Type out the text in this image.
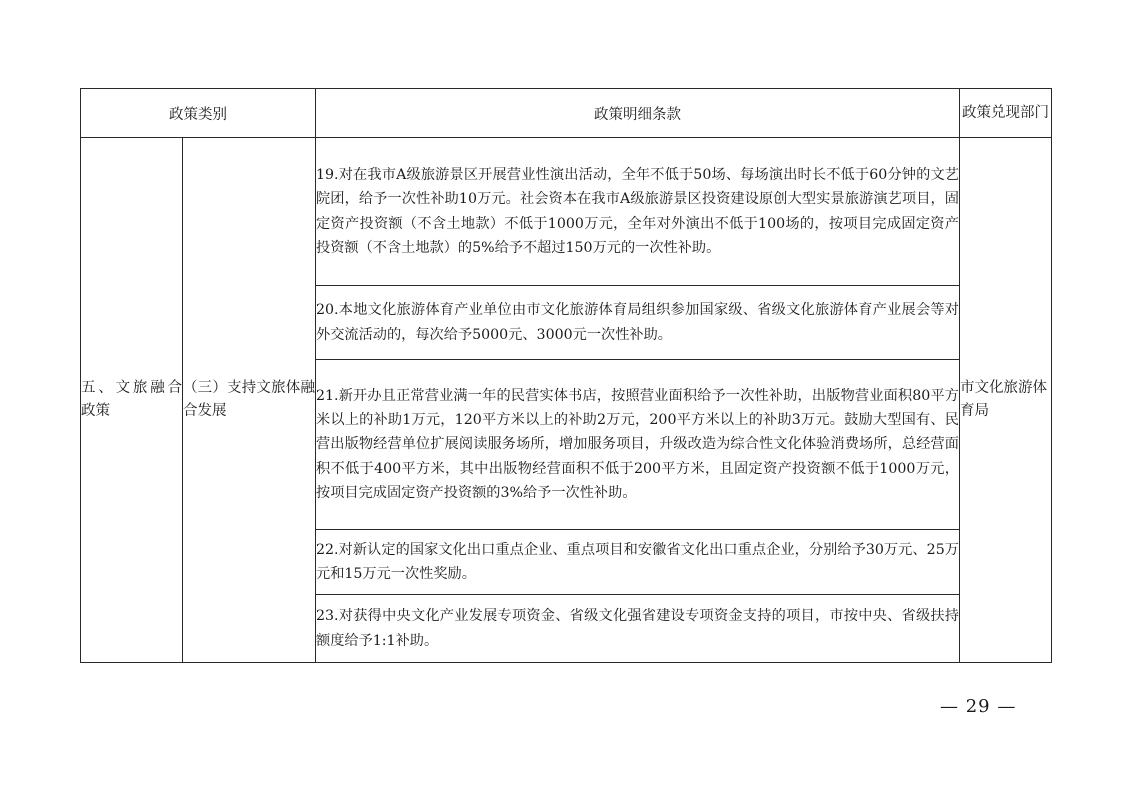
政策类别		政策明细条款	政策兑现部门
五、文旅融合政策	（三）支持文旅体融合发展	19.对在我市A级旅游景区开展营业性演出活动，全年不低于50场、每场演出时长不低于60分钟的文艺院团，给予一次性补助10万元。社会资本在我市A级旅游景区投资建设原创大型实景旅游演艺项目，固定资产投资额（不含土地款）不低于1000万元，全年对外演出不低于100场的，按项目完成固定资产投资额（不含土地款）的5%给予不超过150万元的一次性补助。	市文化旅游体育局
		20.本地文化旅游体育产业单位由市文化旅游体育局组织参加国家级、省级文化旅游体育产业展会等对外交流活动的，每次给予5000元、3000元一次性补助。	
		21.新开办且正常营业满一年的民营实体书店，按照营业面积给予一次性补助，出版物营业面积80平方米以上的补助1万元，120平方米以上的补助2万元，200平方米以上的补助3万元。鼓励大型国有、民营出版物经营单位扩展阅读服务场所，增加服务项目，升级改造为综合性文化体验消费场所，总经营面积不低于400平方米，其中出版物经营面积不低于200平方米，且固定资产投资额不低于1000万元，按项目完成固定资产投资额的3%给予一次性补助。	
		22.对新认定的国家文化出口重点企业、重点项目和安徽省文化出口重点企业，分别给予30万元、25万元和15万元一次性奖励。	
		23.对获得中央文化产业发展专项资金、省级文化强省建设专项资金支持的项目，市按中央、省级扶持额度给予1:1补助。	
— 29 —
